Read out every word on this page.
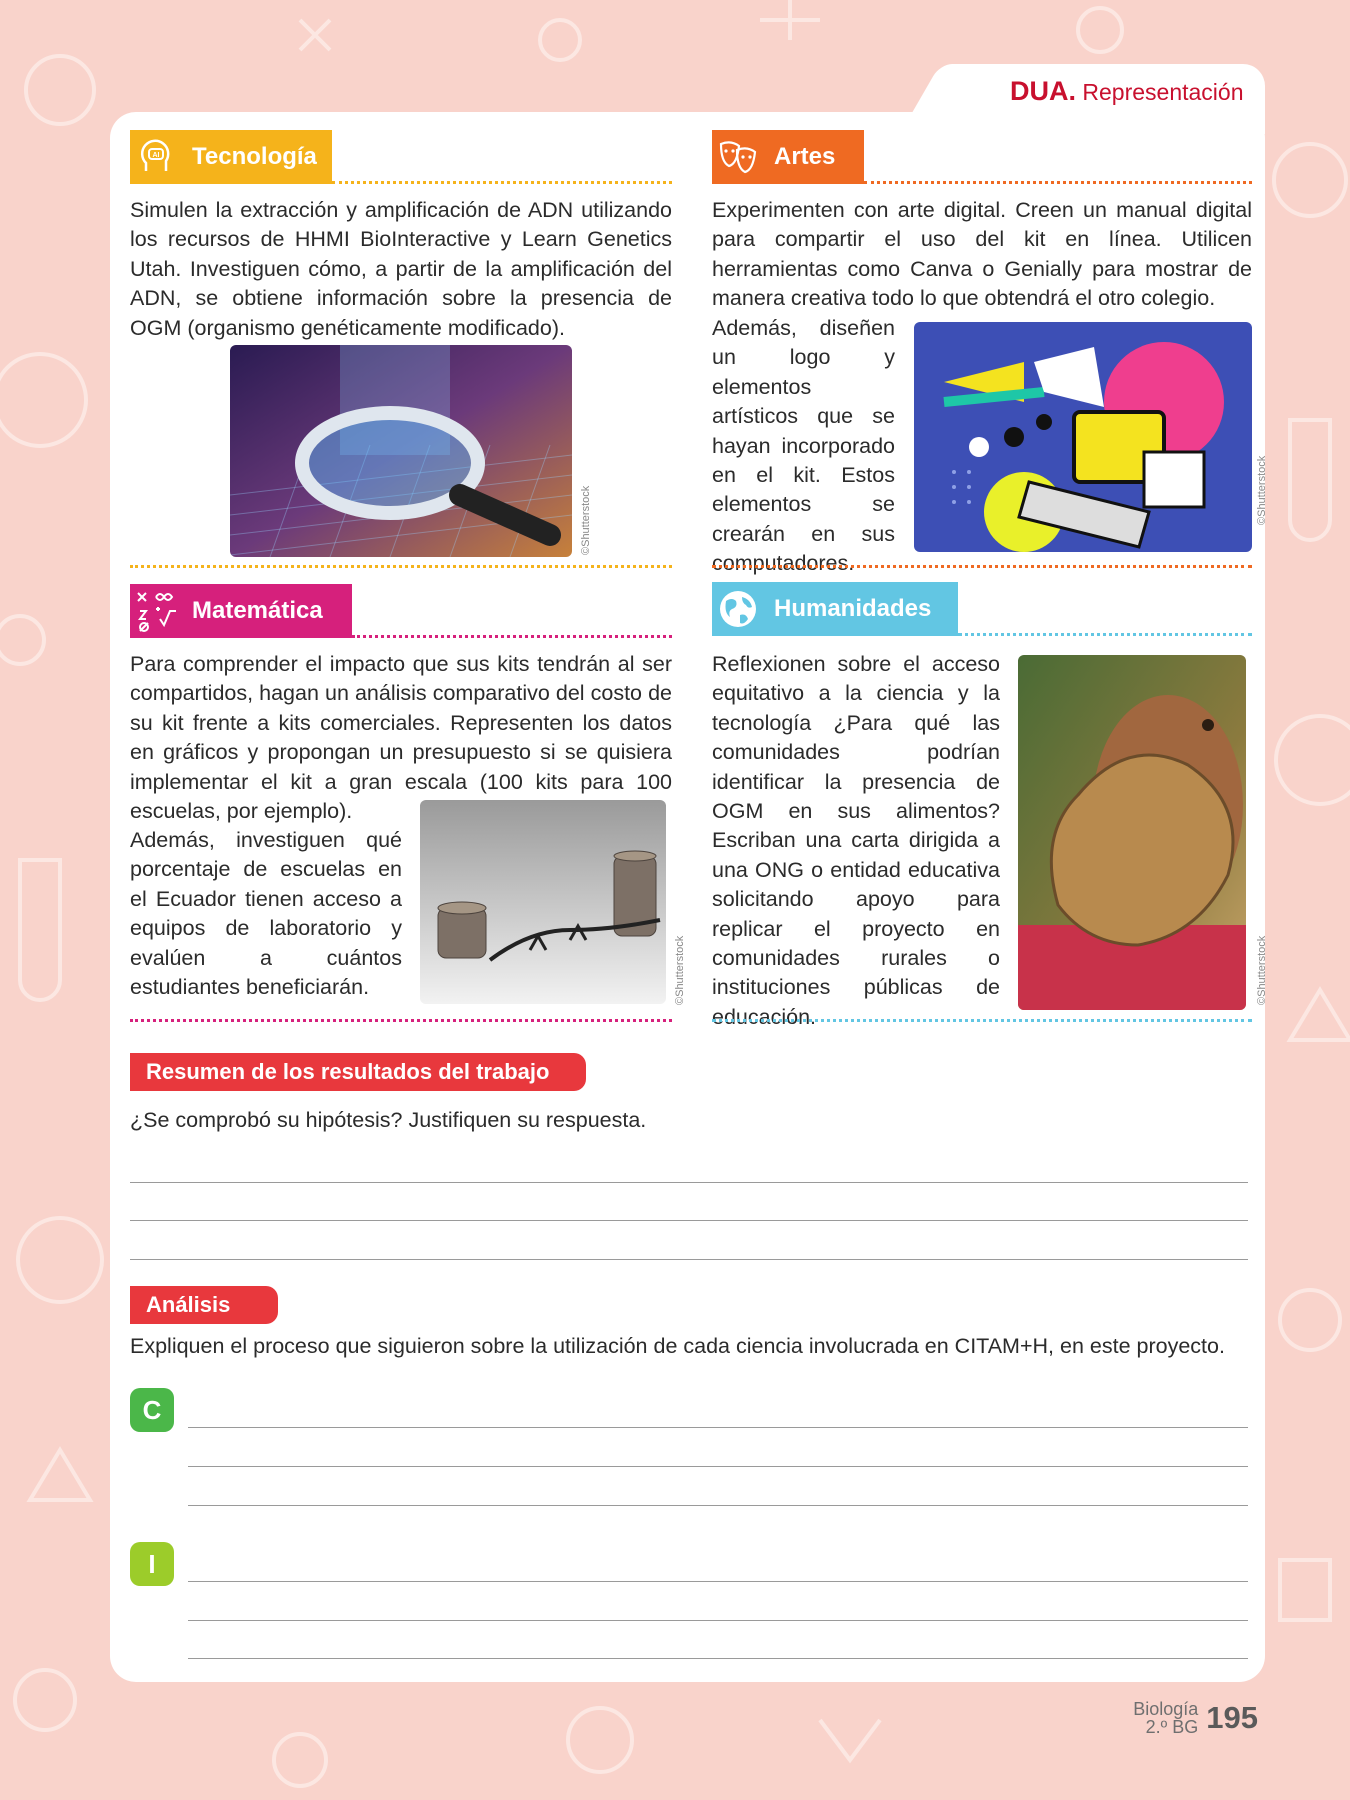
DUA. Representación
AI	Tecnología
Simulen la extracción y amplificación de ADN utilizando los recursos de HHMI BioInteractive y Learn Genetics Utah. Investiguen cómo, a partir de la amplificación del ADN, se obtiene información sobre la presencia de OGM (organismo genéticamente modificado).
©Shutterstock
Artes
Experimenten con arte digital. Creen un manual digital para compartir el uso del kit en línea. Utilicen herramientas como Canva o Genially para mostrar de manera creativa todo lo que obtendrá el otro colegio.
Además, diseñen un logo y elementos artísticos que se hayan incorporado en el kit. Estos elementos se crearán en sus computadores.
©Shutterstock
Matemática
Para comprender el impacto que sus kits tendrán al ser compartidos, hagan un análisis comparativo del costo de su kit frente a kits comerciales. Representen los datos en gráficos y propongan un presupuesto si se quisiera implementar el kit a gran escala (100 kits para 100 escuelas, por ejemplo).
Además, investiguen qué porcentaje de escuelas en el Ecuador tienen acceso a equipos de laboratorio y evalúen a cuántos estudiantes beneficiarán.	©Shutterstock
Humanidades
Reflexionen sobre el acceso equitativo a la ciencia y la tecnología ¿Para qué las comunidades podrían identificar la presencia de OGM en sus alimentos? Escriban una carta dirigida a una ONG o entidad educativa solicitando apoyo para replicar el proyecto en comunidades rurales o instituciones públicas de educación.
©Shutterstock
Resumen de los resultados del trabajo
¿Se comprobó su hipótesis? Justifiquen su respuesta.
Análisis
Expliquen el proceso que siguieron sobre la utilización de cada ciencia involucrada en CITAM+H, en este proyecto.
C
I
Biología
2.º BG 195
